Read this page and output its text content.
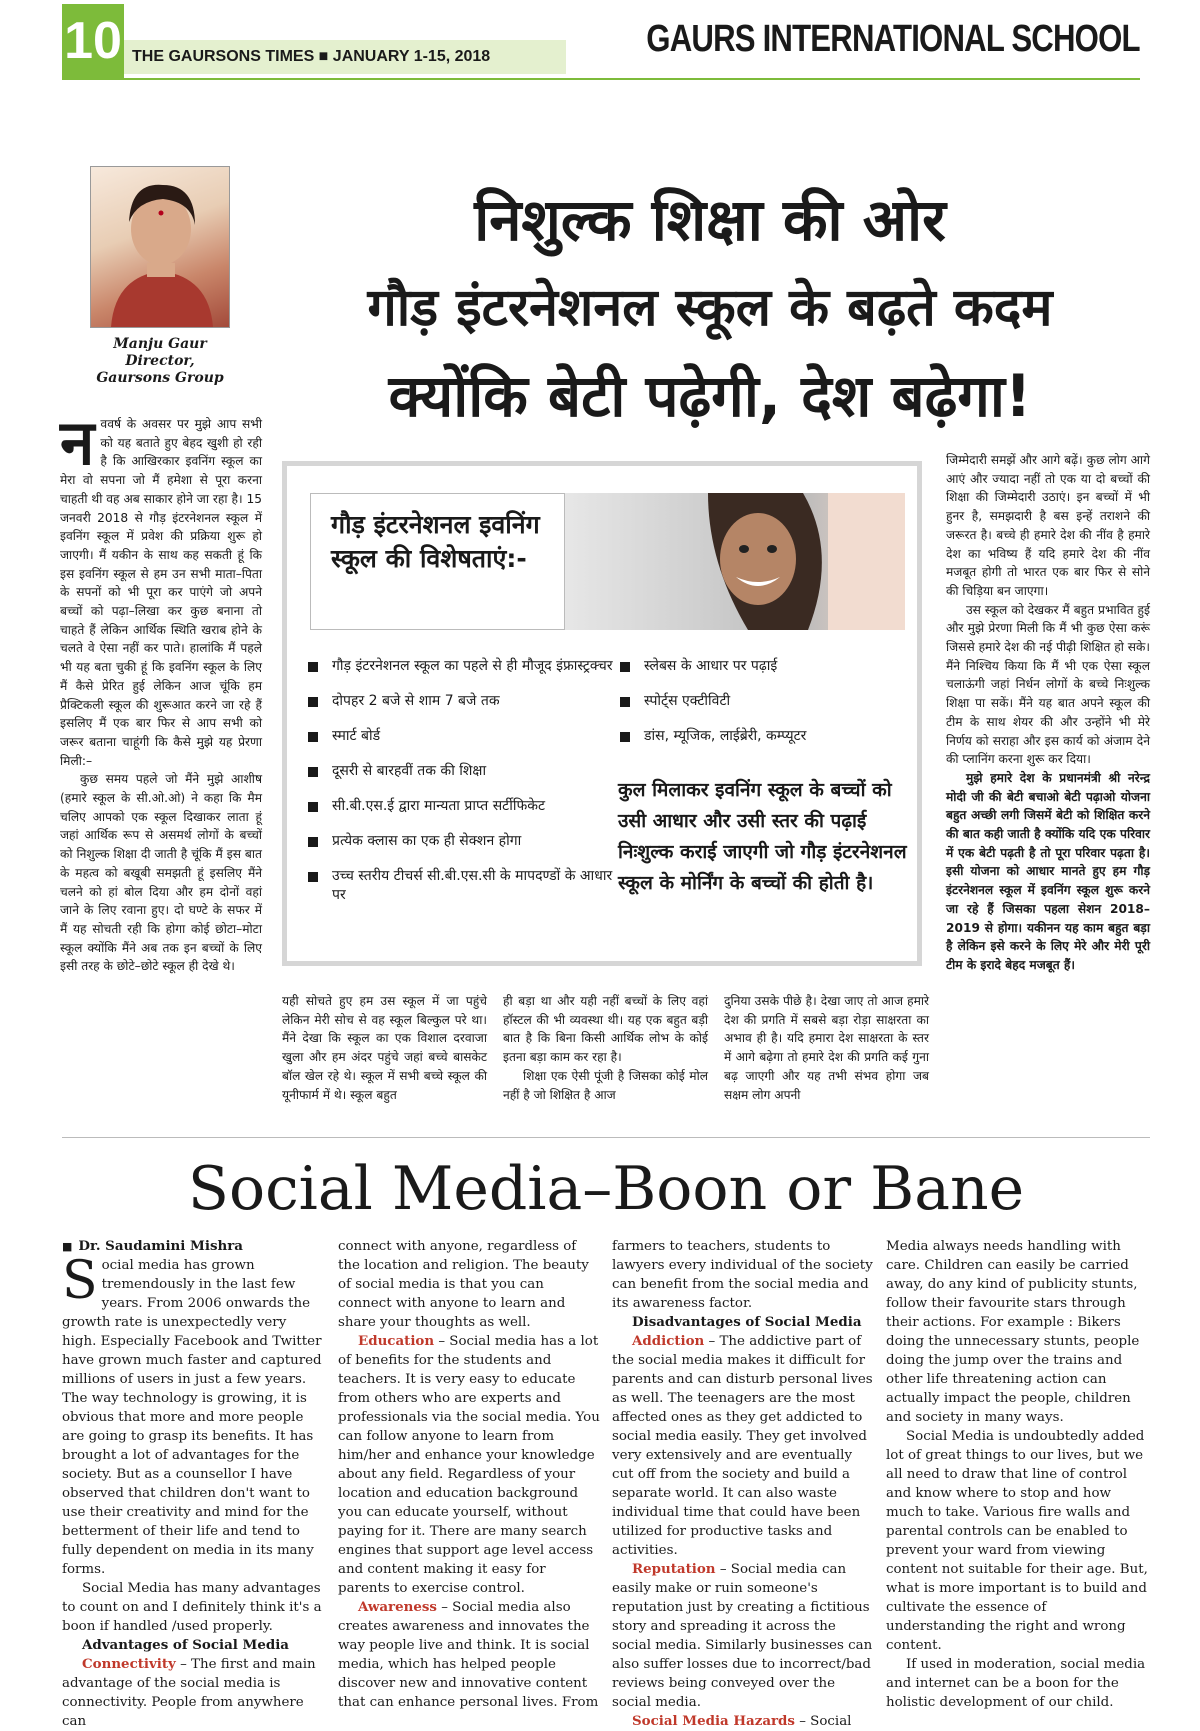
10 THE GAURSONS TIMES ■ JANUARY 1-15, 2018	GAURS INTERNATIONAL SCHOOL
Manju Gaur
Director,
Gaursons Group
निशुल्क शिक्षा की ओर
गौड़ इंटरनेशनल स्कूल के बढ़ते कदम
क्योंकि बेटी पढ़ेगी, देश बढ़ेगा!
न ववर्ष के अवसर पर मुझे आप सभी को यह बताते हुए बेहद खुशी हो रही है कि आखिरकार इवनिंग स्कूल का मेरा वो सपना जो मैं हमेशा से पूरा करना चाहती थी वह अब साकार होने जा रहा है। 15 जनवरी 2018 से गौड़ इंटरनेशनल स्कूल में इवनिंग स्कूल में प्रवेश की प्रक्रिया शुरू हो जाएगी। मैं यकीन के साथ कह सकती हूं कि इस इवनिंग स्कूल से हम उन सभी माता–पिता के सपनों को भी पूरा कर पाएंगे जो अपने बच्चों को पढ़ा–लिखा कर कुछ बनाना तो चाहते हैं लेकिन आर्थिक स्थिति खराब होने के चलते वे ऐसा नहीं कर पाते। हालांकि मैं पहले भी यह बता चुकी हूं कि इवनिंग स्कूल के लिए मैं कैसे प्रेरित हुई लेकिन आज चूंकि हम प्रैक्टिकली स्कूल की शुरूआत करने जा रहे हैं इसलिए मैं एक बार फिर से आप सभी को जरूर बताना चाहूंगी कि कैसे मुझे यह प्रेरणा मिली:–
कुछ समय पहले जो मैंने मुझे आशीष (हमारे स्कूल के सी.ओ.ओ) ने कहा कि मैम चलिए आपको एक स्कूल दिखाकर लाता हूं जहां आर्थिक रूप से असमर्थ लोगों के बच्चों को निशुल्क शिक्षा दी जाती है चूंकि मैं इस बात के महत्व को बखूबी समझती हूं इसलिए मैंने चलने को हां बोल दिया और हम दोनों वहां जाने के लिए रवाना हुए। दो घण्टे के सफर में मैं यह सोचती रही कि होगा कोई छोटा–मोटा स्कूल क्योंकि मैंने अब तक इन बच्चों के लिए इसी तरह के छोटे–छोटे स्कूल ही देखे थे।
गौड़ इंटरनेशनल इवनिंग स्कूल की विशेषताएं:-
गौड़ इंटरनेशनल स्कूल का पहले से ही मौजूद इंफ्रास्ट्रक्चर
दोपहर 2 बजे से शाम 7 बजे तक
स्मार्ट बोर्ड
दूसरी से बारहवीं तक की शिक्षा
सी.बी.एस.ई द्वारा मान्यता प्राप्त सर्टीफिकेट
प्रत्येक क्लास का एक ही सेक्शन होगा
उच्च स्तरीय टीचर्स सी.बी.एस.सी के मापदण्डों के आधार पर
स्लेबस के आधार पर पढ़ाई
स्पोर्ट्स एक्टीविटी
डांस, म्यूजिक, लाईब्रेरी, कम्प्यूटर
कुल मिलाकर इवनिंग स्कूल के बच्चों को उसी आधार और उसी स्तर की पढ़ाई निःशुल्क कराई जाएगी जो गौड़ इंटरनेशनल स्कूल के मोर्निंग के बच्चों की होती है।
जिम्मेदारी समझें और आगे बढ़ें। कुछ लोग आगे आएं और ज्यादा नहीं तो एक या दो बच्चों की शिक्षा की जिम्मेदारी उठाएं। इन बच्चों में भी हुनर है, समझदारी है बस इन्हें तराशने की जरूरत है। बच्चे ही हमारे देश की नींव है हमारे देश का भविष्य हैं यदि हमारे देश की नींव मजबूत होगी तो भारत एक बार फिर से सोने की चिड़िया बन जाएगा।
उस स्कूल को देखकर मैं बहुत प्रभावित हुई और मुझे प्रेरणा मिली कि मैं भी कुछ ऐसा करूं जिससे हमारे देश की नई पीढ़ी शिक्षित हो सके। मैंने निश्चिय किया कि मैं भी एक ऐसा स्कूल चलाऊंगी जहां निर्धन लोगों के बच्चे निःशुल्क शिक्षा पा सकें। मैंने यह बात अपने स्कूल की टीम के साथ शेयर की और उन्होंने भी मेरे निर्णय को सराहा और इस कार्य को अंजाम देने की प्लानिंग करना शुरू कर दिया।
मुझे हमारे देश के प्रधानमंत्री श्री नरेन्द्र मोदी जी की बेटी बचाओ बेटी पढ़ाओ योजना बहुत अच्छी लगी जिसमें बेटी को शिक्षित करने की बात कही जाती है क्योंकि यदि एक परिवार में एक बेटी पढ़ती है तो पूरा परिवार पढ़ता है। इसी योजना को आधार मानते हुए हम गौड़ इंटरनेशनल स्कूल में इवनिंग स्कूल शुरू करने जा रहे हैं जिसका पहला सेशन 2018–2019 से होगा। यकीनन यह काम बहुत बड़ा है लेकिन इसे करने के लिए मेरे और मेरी पूरी टीम के इरादे बेहद मजबूत हैं।
यही सोचते हुए हम उस स्कूल में जा पहुंचे लेकिन मेरी सोच से वह स्कूल बिल्कुल परे था। मैंने देखा कि स्कूल का एक विशाल दरवाजा खुला और हम अंदर पहुंचे जहां बच्चे बासकेट बॉल खेल रहे थे। स्कूल में सभी बच्चे स्कूल की यूनीफार्म में थे। स्कूल बहुत
ही बड़ा था और यही नहीं बच्चों के लिए वहां हॉस्टल की भी व्यवस्था थी। यह एक बहुत बड़ी बात है कि बिना किसी आर्थिक लोभ के कोई इतना बड़ा काम कर रहा है।
शिक्षा एक ऐसी पूंजी है जिसका कोई मोल नहीं है जो शिक्षित है आज
दुनिया उसके पीछे है। देखा जाए तो आज हमारे देश की प्रगति में सबसे बड़ा रोड़ा साक्षरता का अभाव ही है। यदि हमारा देश साक्षरता के स्तर में आगे बढ़ेगा तो हमारे देश की प्रगति कई गुना बढ़ जाएगी और यह तभी संभव होगा जब सक्षम लोग अपनी
Social Media–Boon or Bane
■ Dr. Saudamini Mishra

Social media has grown tremendously in the last few years. From 2006 onwards the growth rate is unexpectedly very high. Especially Facebook and Twitter have grown much faster and captured millions of users in just a few years. The way technology is growing, it is obvious that more and more people are going to grasp its benefits. It has brought a lot of advantages for the society. But as a counsellor I have observed that children don't want to use their creativity and mind for the betterment of their life and tend to fully dependent on media in its many forms.

Social Media has many advantages to count on and I definitely think it's a boon if handled /used properly.

Advantages of Social Media

Connectivity – The first and main advantage of the social media is connectivity. People from anywhere can

connect with anyone, regardless of the location and religion. The beauty of social media is that you can connect with anyone to learn and share your thoughts as well.

Education – Social media has a lot of benefits for the students and teachers. It is very easy to educate from others who are experts and professionals via the social media. You can follow anyone to learn from him/her and enhance your knowledge about any field. Regardless of your location and education background you can educate yourself, without paying for it. There are many search engines that support age level access and content making it easy for parents to exercise control.

Awareness – Social media also creates awareness and innovates the way people live and think. It is social media, which has helped people discover new and innovative content that can enhance personal lives. From

farmers to teachers, students to lawyers every individual of the society can benefit from the social media and its awareness factor.

Disadvantages of Social Media

Addiction – The addictive part of the social media makes it difficult for parents and can disturb personal lives as well. The teenagers are the most affected ones as they get addicted to social media easily. They get involved very extensively and are eventually cut off from the society and build a separate world. It can also waste individual time that could have been utilized for productive tasks and activities.

Reputation – Social media can easily make or ruin someone's reputation just by creating a fictitious story and spreading it across the social media. Similarly businesses can also suffer losses due to incorrect/bad reviews being conveyed over the social media.

Social Media Hazards – Social

Media always needs handling with care. Children can easily be carried away, do any kind of publicity stunts, follow their favourite stars through their actions. For example : Bikers doing the unnecessary stunts, people doing the jump over the trains and other life threatening action can actually impact the people, children and society in many ways.

Social Media is undoubtedly added lot of great things to our lives, but we all need to draw that line of control and know where to stop and how much to take. Various fire walls and parental controls can be enabled to prevent your ward from viewing content not suitable for their age. But, what is more important is to build and cultivate the essence of understanding the right and wrong content.

If used in moderation, social media and internet can be a boon for the holistic development of our child.
